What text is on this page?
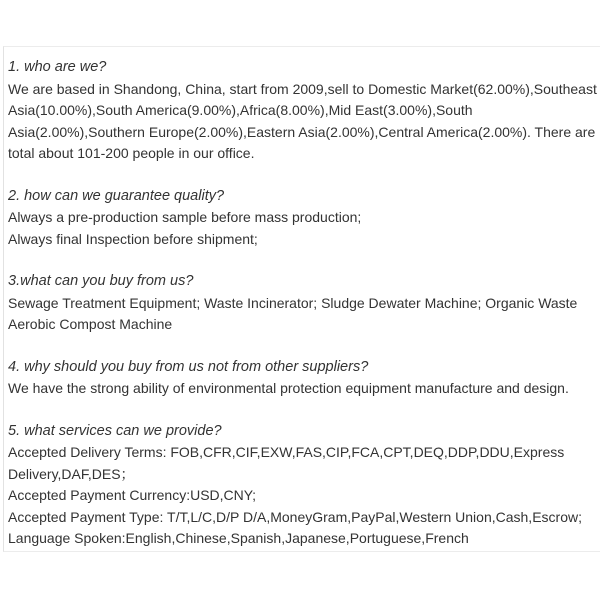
1. who are we?

We are based in Shandong, China, start from 2009,sell to Domestic Market(62.00%),Southeast Asia(10.00%),South America(9.00%),Africa(8.00%),Mid East(3.00%),South Asia(2.00%),Southern Europe(2.00%),Eastern Asia(2.00%),Central America(2.00%). There are total about 101-200 people in our office.

2. how can we guarantee quality?

Always a pre-production sample before mass production;

Always final Inspection before shipment;

3.what can you buy from us?

Sewage Treatment Equipment; Waste Incinerator; Sludge Dewater Machine; Organic Waste Aerobic Compost Machine

4. why should you buy from us not from other suppliers?

We have the strong ability of environmental protection equipment manufacture and design.

5. what services can we provide?

Accepted Delivery Terms: FOB,CFR,CIF,EXW,FAS,CIP,FCA,CPT,DEQ,DDP,DDU,Express Delivery,DAF,DES；

Accepted Payment Currency:USD,CNY;

Accepted Payment Type: T/T,L/C,D/P D/A,MoneyGram,PayPal,Western Union,Cash,Escrow;

Language Spoken:English,Chinese,Spanish,Japanese,Portuguese,French
